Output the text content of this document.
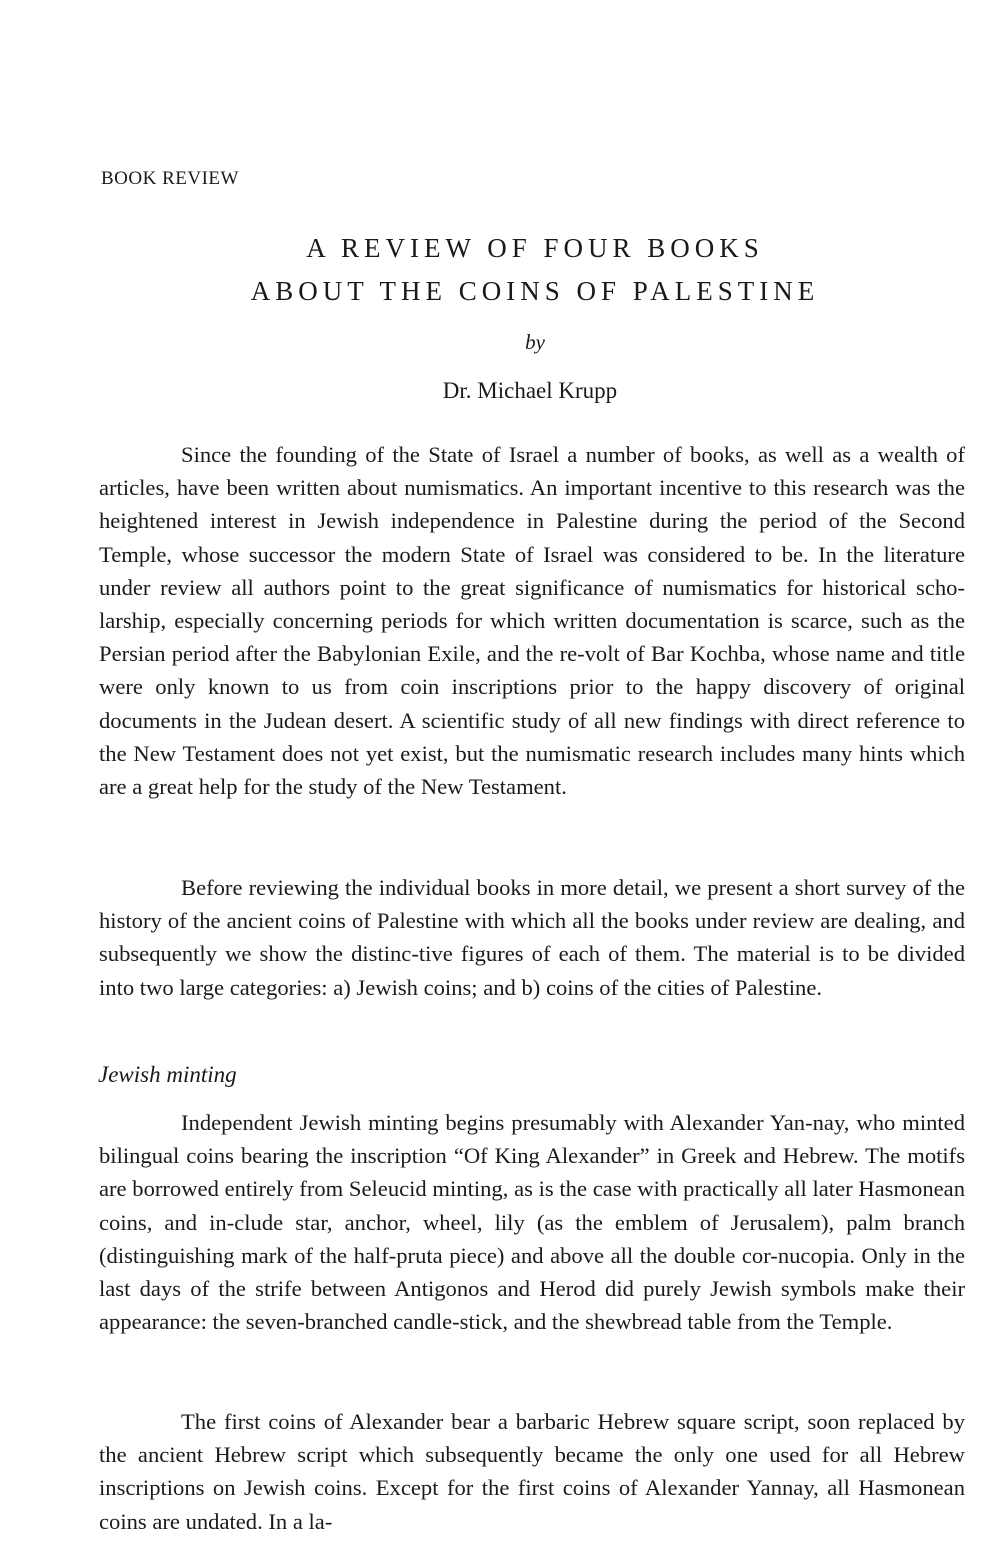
BOOK REVIEW
A REVIEW OF FOUR BOOKS
ABOUT THE COINS OF PALESTINE
by
Dr. Michael Krupp

Since the founding of the State of Israel a number of books, as well as a wealth of articles, have been written about numismatics. An important incentive to this research was the heightened interest in Jewish independence in Palestine during the period of the Second Temple, whose successor the modern State of Israel was considered to be. In the literature under review all authors point to the great significance of numismatics for historical scho-larship, especially concerning periods for which written documentation is scarce, such as the Persian period after the Babylonian Exile, and the re-volt of Bar Kochba, whose name and title were only known to us from coin inscriptions prior to the happy discovery of original documents in the Judean desert. A scientific study of all new findings with direct reference to the New Testament does not yet exist, but the numismatic research includes many hints which are a great help for the study of the New Testament.

Before reviewing the individual books in more detail, we present a short survey of the history of the ancient coins of Palestine with which all the books under review are dealing, and subsequently we show the distinc-tive figures of each of them. The material is to be divided into two large categories: a) Jewish coins; and b) coins of the cities of Palestine.

Jewish minting

Independent Jewish minting begins presumably with Alexander Yan-nay, who minted bilingual coins bearing the inscription “Of King Alexander” in Greek and Hebrew. The motifs are borrowed entirely from Seleucid minting, as is the case with practically all later Hasmonean coins, and in-clude star, anchor, wheel, lily (as the emblem of Jerusalem), palm branch (distinguishing mark of the half-pruta piece) and above all the double cor-nucopia. Only in the last days of the strife between Antigonos and Herod did purely Jewish symbols make their appearance: the seven-branched candle-stick, and the shewbread table from the Temple.

The first coins of Alexander bear a barbaric Hebrew square script, soon replaced by the ancient Hebrew script which subsequently became the only one used for all Hebrew inscriptions on Jewish coins. Except for the first coins of Alexander Yannay, all Hasmonean coins are undated. In a la-
